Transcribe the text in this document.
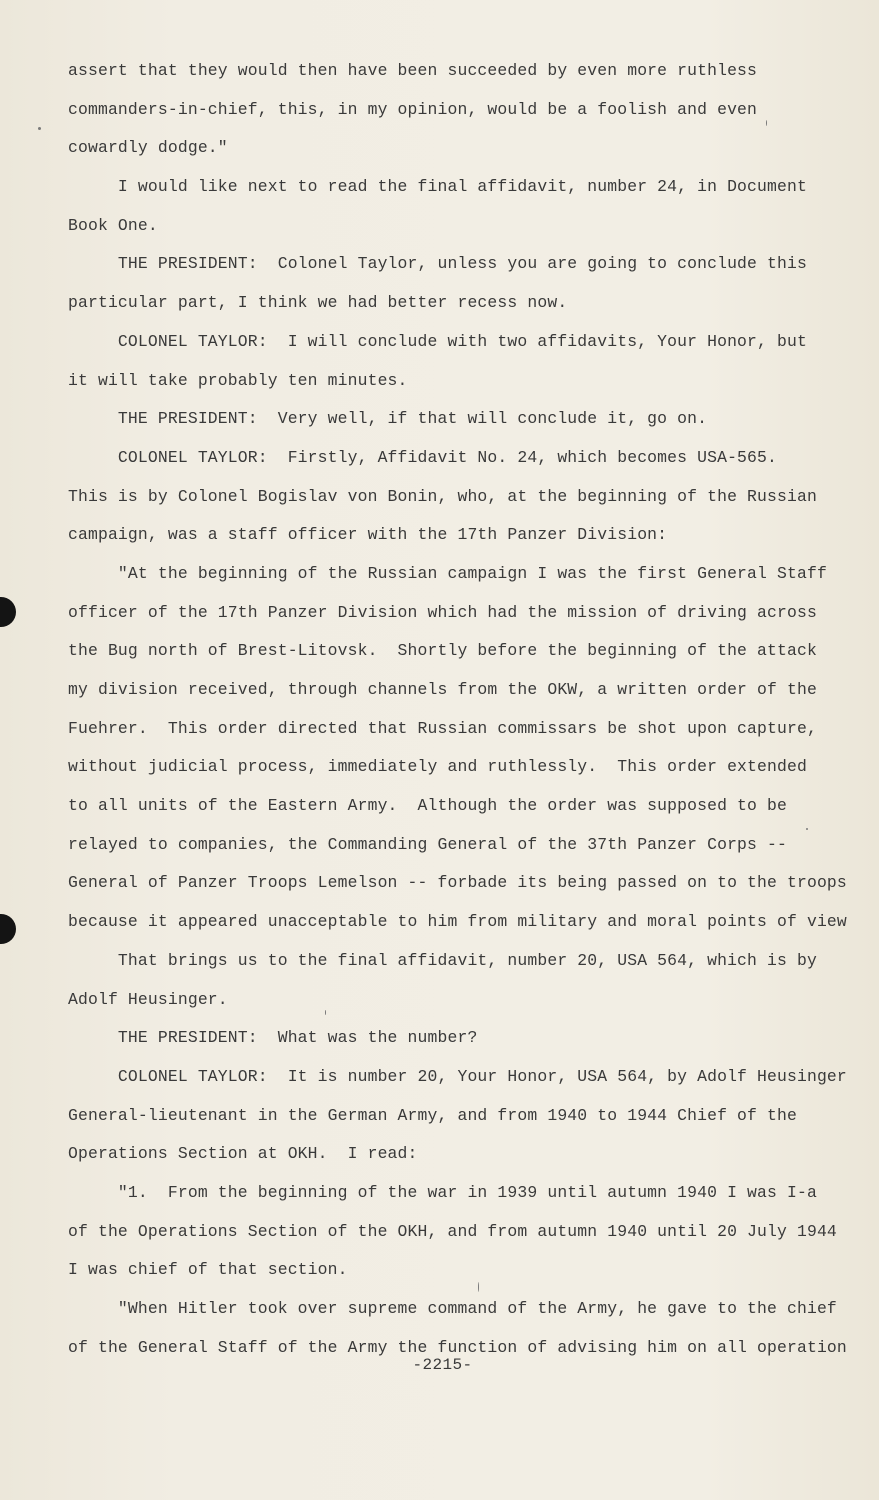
assert that they would then have been succeeded by even more ruthless
commanders-in-chief, this, in my opinion, would be a foolish and even
cowardly dodge."
I would like next to read the final affidavit, number 24, in Document
Book One.
THE PRESIDENT:  Colonel Taylor, unless you are going to conclude this
particular part, I think we had better recess now.
COLONEL TAYLOR:  I will conclude with two affidavits, Your Honor, but
it will take probably ten minutes.
THE PRESIDENT:  Very well, if that will conclude it, go on.
COLONEL TAYLOR:  Firstly, Affidavit No. 24, which becomes USA-565.
This is by Colonel Bogislav von Bonin, who, at the beginning of the Russian
campaign, was a staff officer with the 17th Panzer Division:
"At the beginning of the Russian campaign I was the first General Staff
officer of the 17th Panzer Division which had the mission of driving across
the Bug north of Brest-Litovsk.  Shortly before the beginning of the attack
my division received, through channels from the OKW, a written order of the
Fuehrer.  This order directed that Russian commissars be shot upon capture,
without judicial process, immediately and ruthlessly.  This order extended
to all units of the Eastern Army.  Although the order was supposed to be
relayed to companies, the Commanding General of the 37th Panzer Corps --
General of Panzer Troops Lemelson -- forbade its being passed on to the troops
because it appeared unacceptable to him from military and moral points of view
That brings us to the final affidavit, number 20, USA 564, which is by
Adolf Heusinger.
THE PRESIDENT:  What was the number?
COLONEL TAYLOR:  It is number 20, Your Honor, USA 564, by Adolf Heusinger
General-lieutenant in the German Army, and from 1940 to 1944 Chief of the
Operations Section at OKH.  I read:
"1.  From the beginning of the war in 1939 until autumn 1940 I was I-a
of the Operations Section of the OKH, and from autumn 1940 until 20 July 1944
I was chief of that section.
"When Hitler took over supreme command of the Army, he gave to the chief
of the General Staff of the Army the function of advising him on all operation
-2215-
